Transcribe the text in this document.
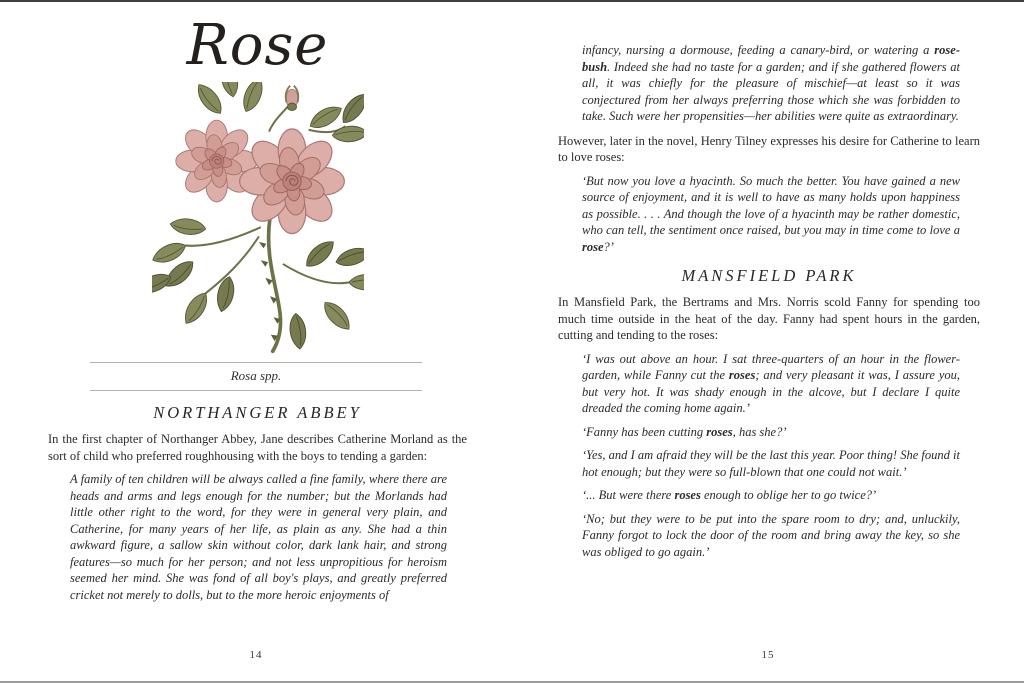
Rose
Rosa spp.
NORTHANGER ABBEY

In the first chapter of Northanger Abbey, Jane describes Catherine Morland as the sort of child who preferred roughhousing with the boys to tending a garden:

A family of ten children will be always called a fine family, where there are heads and arms and legs enough for the number; but the Morlands had little other right to the word, for they were in general very plain, and Catherine, for many years of her life, as plain as any. She had a thin awkward figure, a sallow skin without color, dark lank hair, and strong features—so much for her person; and not less unpropitious for heroism seemed her mind. She was fond of all boy's plays, and greatly preferred cricket not merely to dolls, but to the more heroic enjoyments of

14

infancy, nursing a dormouse, feeding a canary-bird, or watering a rose-bush. Indeed she had no taste for a garden; and if she gathered flowers at all, it was chiefly for the pleasure of mischief—at least so it was conjectured from her always preferring those which she was forbidden to take. Such were her propensities—her abilities were quite as extraordinary.

However, later in the novel, Henry Tilney expresses his desire for Catherine to learn to love roses:

‘But now you love a hyacinth. So much the better. You have gained a new source of enjoyment, and it is well to have as many holds upon happiness as possible. . . . And though the love of a hyacinth may be rather domestic, who can tell, the sentiment once raised, but you may in time come to love a rose?’

MANSFIELD PARK

In Mansfield Park, the Bertrams and Mrs. Norris scold Fanny for spending too much time outside in the heat of the day. Fanny had spent hours in the garden, cutting and tending to the roses:

‘I was out above an hour. I sat three-quarters of an hour in the flower-garden, while Fanny cut the roses; and very pleasant it was, I assure you, but very hot. It was shady enough in the alcove, but I declare I quite dreaded the coming home again.’

‘Fanny has been cutting roses, has she?’

‘Yes, and I am afraid they will be the last this year. Poor thing! She found it hot enough; but they were so full-blown that one could not wait.’

‘... But were there roses enough to oblige her to go twice?’

‘No; but they were to be put into the spare room to dry; and, unluckily, Fanny forgot to lock the door of the room and bring away the key, so she was obliged to go again.’

15
